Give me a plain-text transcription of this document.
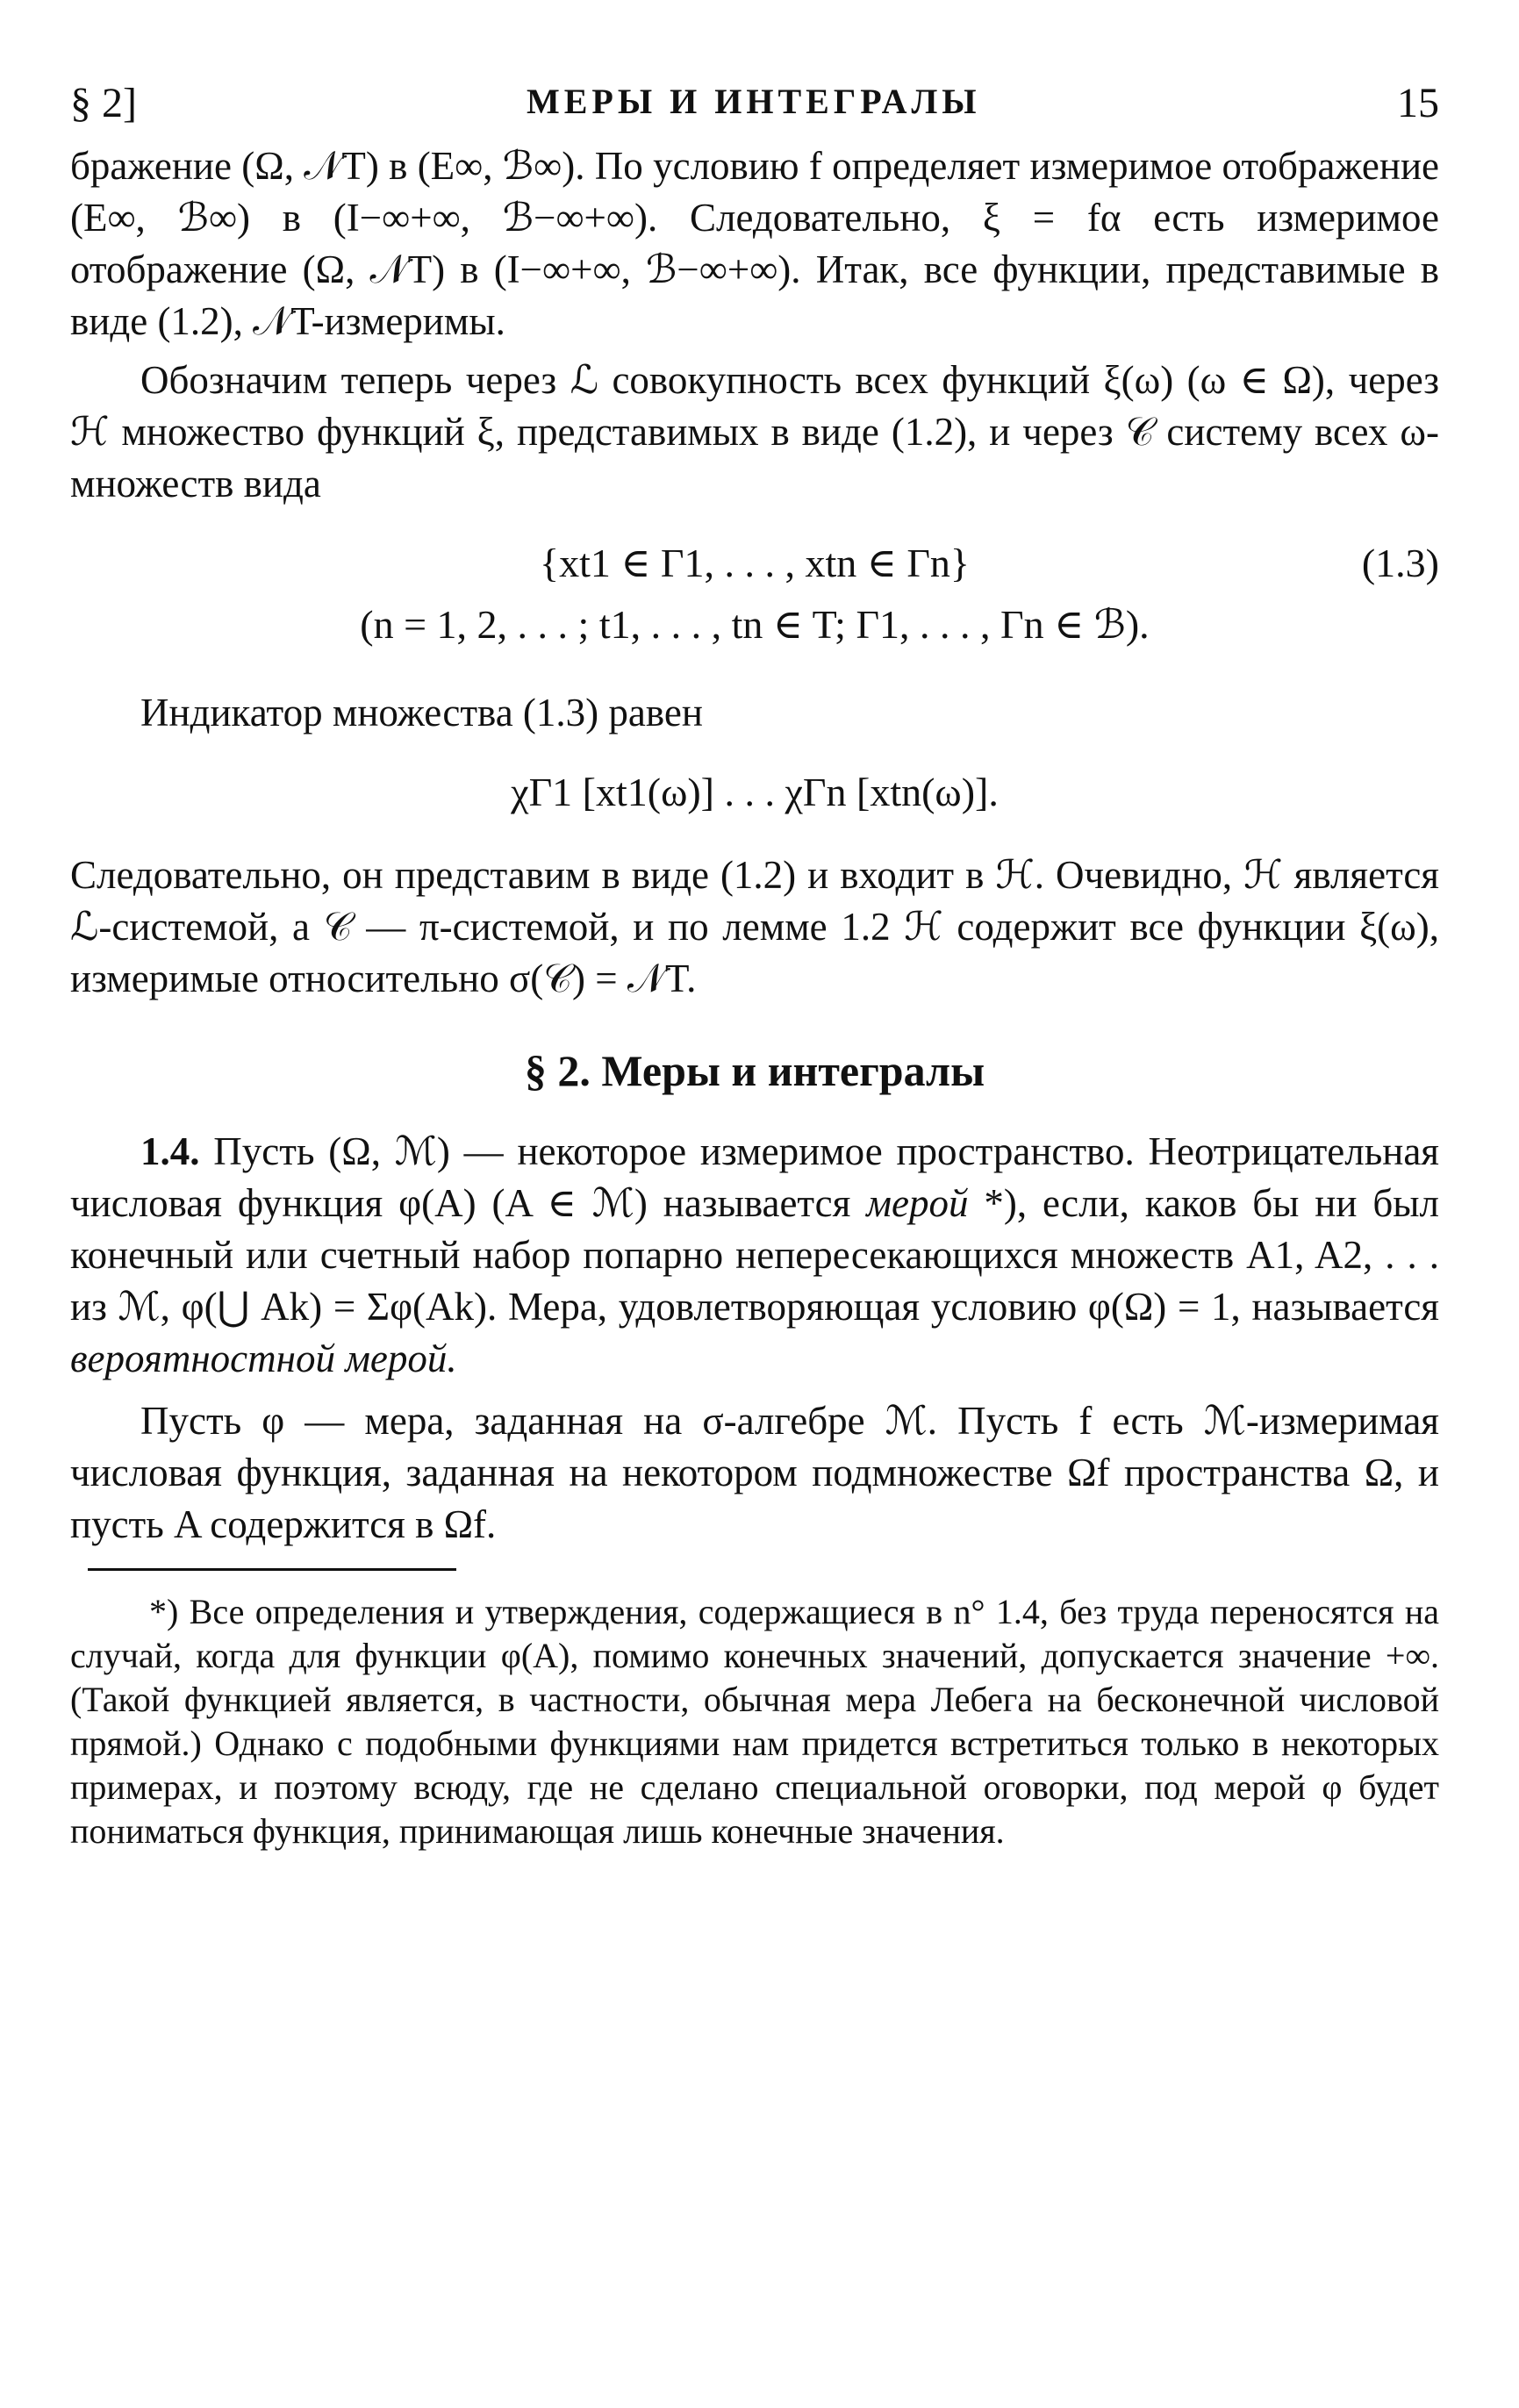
§ 2]	МЕРЫ И ИНТЕГРАЛЫ	15

бражение (Ω, 𝒩T) в (E∞, ℬ∞). По условию f определяет измеримое отображение (E∞, ℬ∞) в (I−∞+∞, ℬ−∞+∞). Следовательно, ξ = fα есть измеримое отображение (Ω, 𝒩T) в (I−∞+∞, ℬ−∞+∞). Итак, все функции, представимые в виде (1.2), 𝒩T-измеримы.

Обозначим теперь через ℒ совокупность всех функций ξ(ω) (ω ∈ Ω), через ℋ множество функций ξ, представимых в виде (1.2), и через 𝒞 систему всех ω-множеств вида

{xt1 ∈ Γ1, . . . , xtn ∈ Γn}	(1.3)
(n = 1, 2, . . . ; t1, . . . , tn ∈ T; Γ1, . . . , Γn ∈ ℬ).

Индикатор множества (1.3) равен

χΓ1 [xt1(ω)] . . . χΓn [xtn(ω)].

Следовательно, он представим в виде (1.2) и входит в ℋ. Очевидно, ℋ является ℒ-системой, а 𝒞 — π-системой, и по лемме 1.2 ℋ содержит все функции ξ(ω), измеримые относительно σ(𝒞) = 𝒩T.

§ 2. Меры и интегралы

1.4. Пусть (Ω, ℳ) — некоторое измеримое пространство. Неотрицательная числовая функция φ(A) (A ∈ ℳ) называется мерой *), если, каков бы ни был конечный или счетный набор попарно непересекающихся множеств A1, A2, . . . из ℳ, φ(⋃ Ak) = Σφ(Ak). Мера, удовлетворяющая условию φ(Ω) = 1, называется вероятностной мерой.

Пусть φ — мера, заданная на σ-алгебре ℳ. Пусть f есть ℳ-измеримая числовая функция, заданная на некотором подмножестве Ωf пространства Ω, и пусть A содержится в Ωf.

*) Все определения и утверждения, содержащиеся в n° 1.4, без труда переносятся на случай, когда для функции φ(A), помимо конечных значений, допускается значение +∞. (Такой функцией является, в частности, обычная мера Лебега на бесконечной числовой прямой.) Однако с подобными функциями нам придется встретиться только в некоторых примерах, и поэтому всюду, где не сделано специальной оговорки, под мерой φ будет пониматься функция, принимающая лишь конечные значения.
